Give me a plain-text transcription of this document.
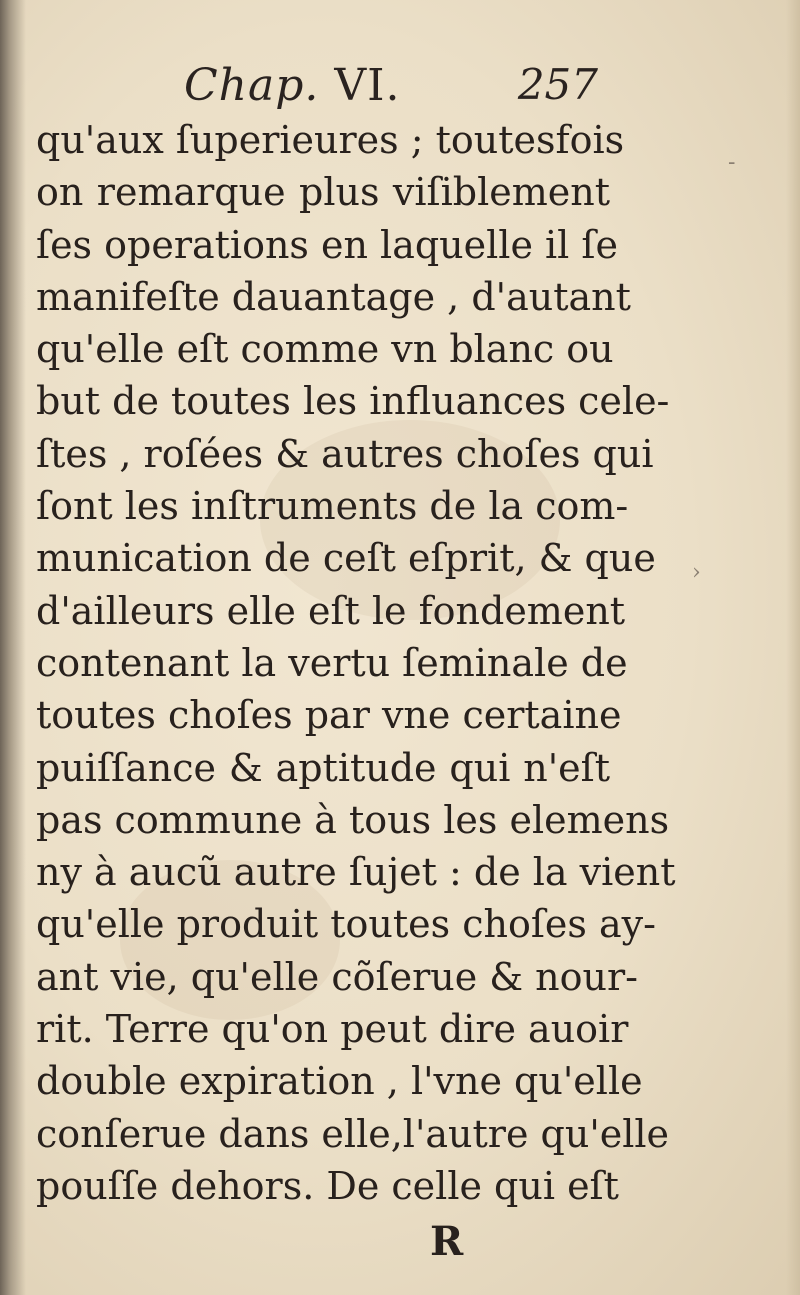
-
›
Chap. VI.	257
qu'aux ſuperieures ; toutesfois
on remarque plus viſiblement
ſes operations en laquelle il ſe
manifeſte dauantage , d'autant
qu'elle eſt comme vn blanc ou
but de toutes les influances cele-
ſtes , roſées & autres choſes qui
ſont les inſtruments de la com-
munication de ceſt eſprit, & que
d'ailleurs elle eſt le fondement
contenant la vertu ſeminale de
toutes choſes par vne certaine
puiſſance & aptitude qui n'eſt
pas commune à tous les elemens
ny à aucũ autre ſujet : de la vient
qu'elle produit toutes choſes ay-
ant vie, qu'elle cõſerue & nour-
rit. Terre qu'on peut dire auoir
double expiration , l'vne qu'elle
conſerue dans elle,l'autre qu'elle
pouſſe dehors. De celle qui eſt
R
